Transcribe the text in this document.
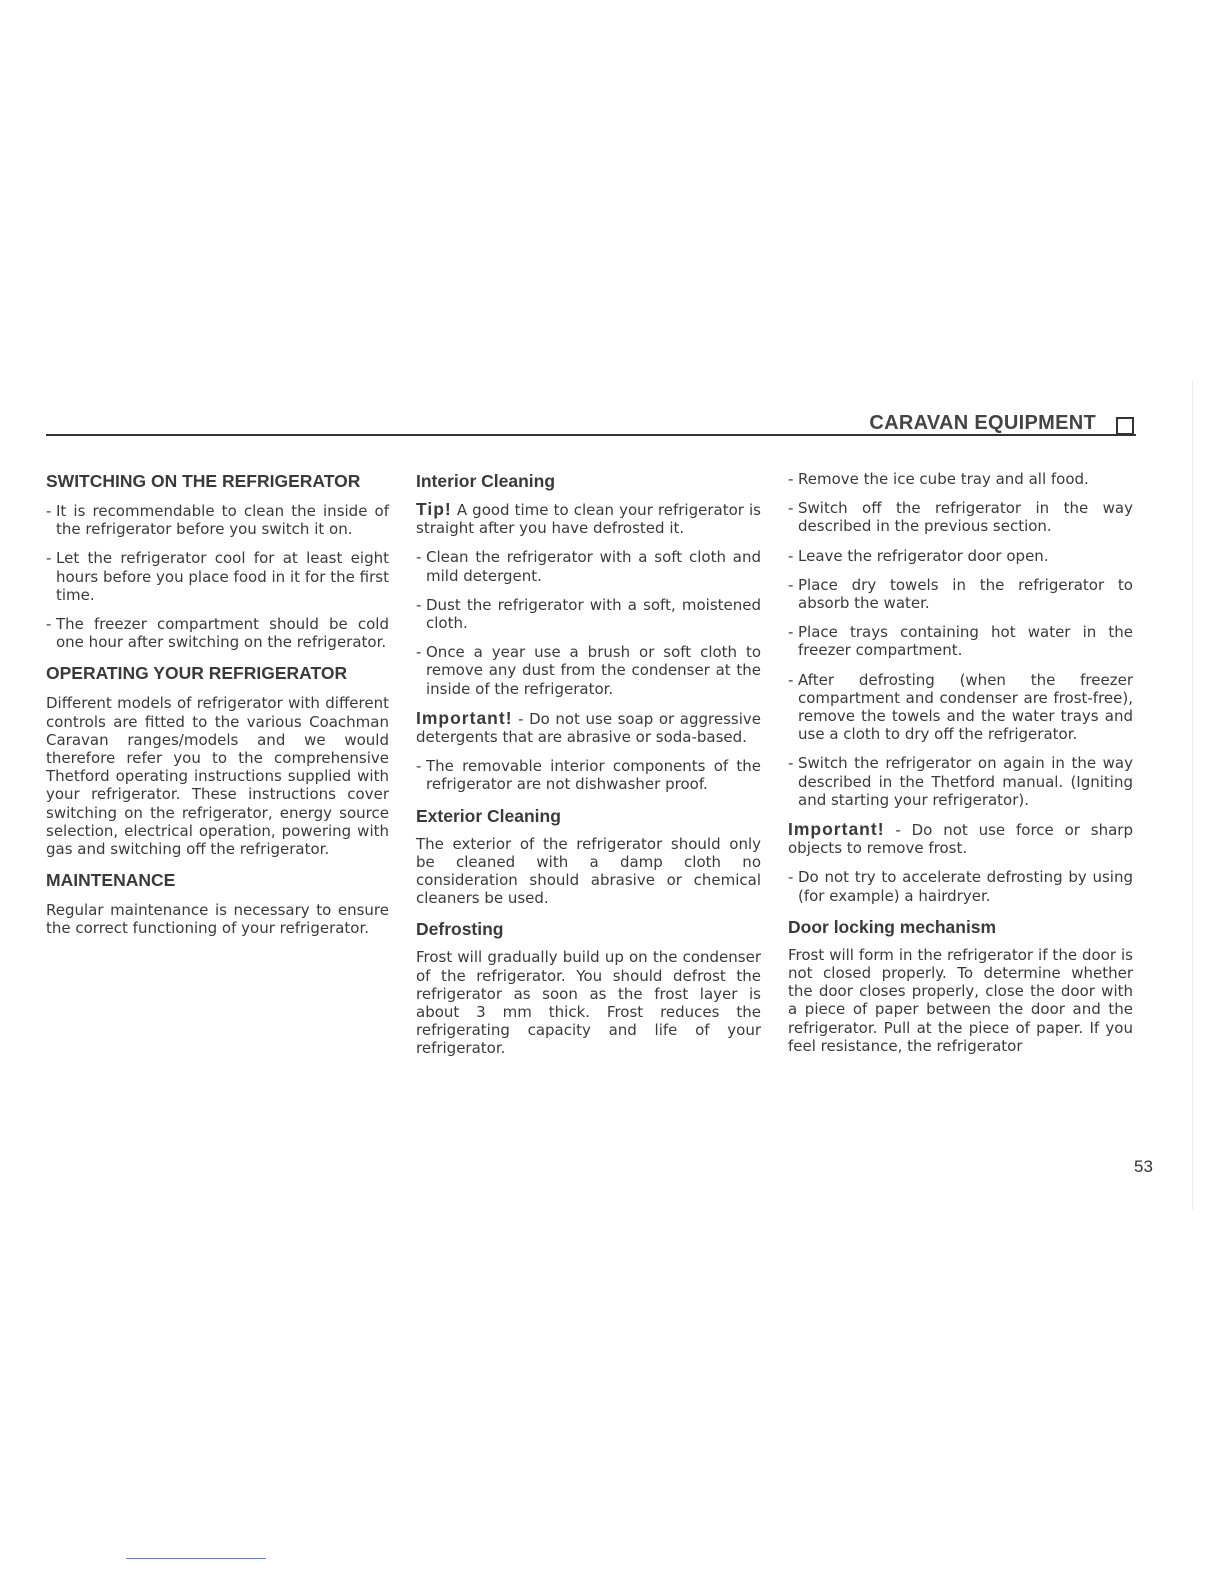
CARAVAN EQUIPMENT
SWITCHING ON THE REFRIGERATOR
- It is recommendable to clean the inside of the refrigerator before you switch it on.
- Let the refrigerator cool for at least eight hours before you place food in it for the first time.
- The freezer compartment should be cold one hour after switching on the refrigerator.
OPERATING YOUR REFRIGERATOR
Different models of refrigerator with different controls are fitted to the various Coachman Caravan ranges/models and we would therefore refer you to the comprehensive Thetford operating instructions supplied with your refrigerator. These instructions cover switching on the refrigerator, energy source selection, electrical operation, powering with gas and switching off the refrigerator.
MAINTENANCE
Regular maintenance is necessary to ensure the correct functioning of your refrigerator.
Interior Cleaning
Tip! A good time to clean your refrigerator is straight after you have defrosted it.
- Clean the refrigerator with a soft cloth and mild detergent.
- Dust the refrigerator with a soft, moistened cloth.
- Once a year use a brush or soft cloth to remove any dust from the condenser at the inside of the refrigerator.
Important! - Do not use soap or aggressive detergents that are abrasive or soda-based.
- The removable interior components of the refrigerator are not dishwasher proof.
Exterior Cleaning
The exterior of the refrigerator should only be cleaned with a damp cloth no consideration should abrasive or chemical cleaners be used.
Defrosting
Frost will gradually build up on the condenser of the refrigerator. You should defrost the refrigerator as soon as the frost layer is about 3 mm thick. Frost reduces the refrigerating capacity and life of your refrigerator.
- Remove the ice cube tray and all food.
- Switch off the refrigerator in the way described in the previous section.
- Leave the refrigerator door open.
- Place dry towels in the refrigerator to absorb the water.
- Place trays containing hot water in the freezer compartment.
- After defrosting (when the freezer compartment and condenser are frost-free), remove the towels and the water trays and use a cloth to dry off the refrigerator.
- Switch the refrigerator on again in the way described in the Thetford manual. (Igniting and starting your refrigerator).
Important! - Do not use force or sharp objects to remove frost.
- Do not try to accelerate defrosting by using (for example) a hairdryer.
Door locking mechanism
Frost will form in the refrigerator if the door is not closed properly. To determine whether the door closes properly, close the door with a piece of paper between the door and the refrigerator. Pull at the piece of paper. If you feel resistance, the refrigerator
53
